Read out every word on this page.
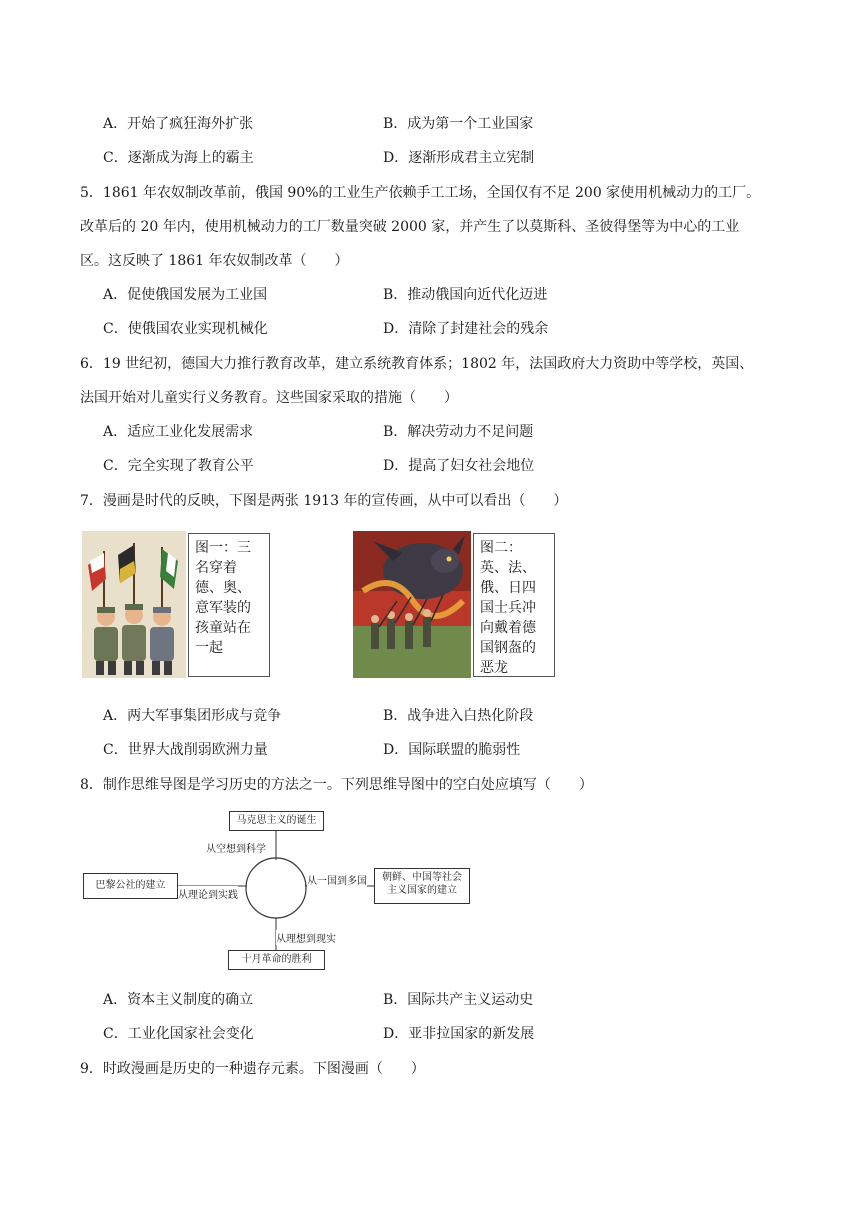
A．开始了疯狂海外扩张	B．成为第一个工业国家
C．逐渐成为海上的霸主	D．逐渐形成君主立宪制
5．1861 年农奴制改革前，俄国 90%的工业生产依赖手工工场，全国仅有不足 200 家使用机械动力的工厂。
改革后的 20 年内，使用机械动力的工厂数量突破 2000 家，并产生了以莫斯科、圣彼得堡等为中心的工业
区。这反映了 1861 年农奴制改革（　　）
A．促使俄国发展为工业国	B．推动俄国向近代化迈进
C．使俄国农业实现机械化	D．清除了封建社会的残余
6．19 世纪初，德国大力推行教育改革，建立系统教育体系；1802 年，法国政府大力资助中等学校，英国、
法国开始对儿童实行义务教育。这些国家采取的措施（　　）
A．适应工业化发展需求	B．解决劳动力不足问题
C．完全实现了教育公平	D．提高了妇女社会地位
7．漫画是时代的反映，下图是两张 1913 年的宣传画，从中可以看出（　　）
图一：三名穿着德、奥、意军装的孩童站在一起
图二：英、法、俄、日四国士兵冲向戴着德国钢盔的恶龙
A．两大军事集团形成与竞争	B．战争进入白热化阶段
C．世界大战削弱欧洲力量	D．国际联盟的脆弱性
8．制作思维导图是学习历史的方法之一。下列思维导图中的空白处应填写（　　）
马克思主义的诞生
巴黎公社的建立
朝鲜、中国等社会主义国家的建立
十月革命的胜利
从空想到科学
从理论到实践
从一国到多国
从理想到现实
A．资本主义制度的确立	B．国际共产主义运动史
C．工业化国家社会变化	D．亚非拉国家的新发展
9．时政漫画是历史的一种遗存元素。下图漫画（　　）
